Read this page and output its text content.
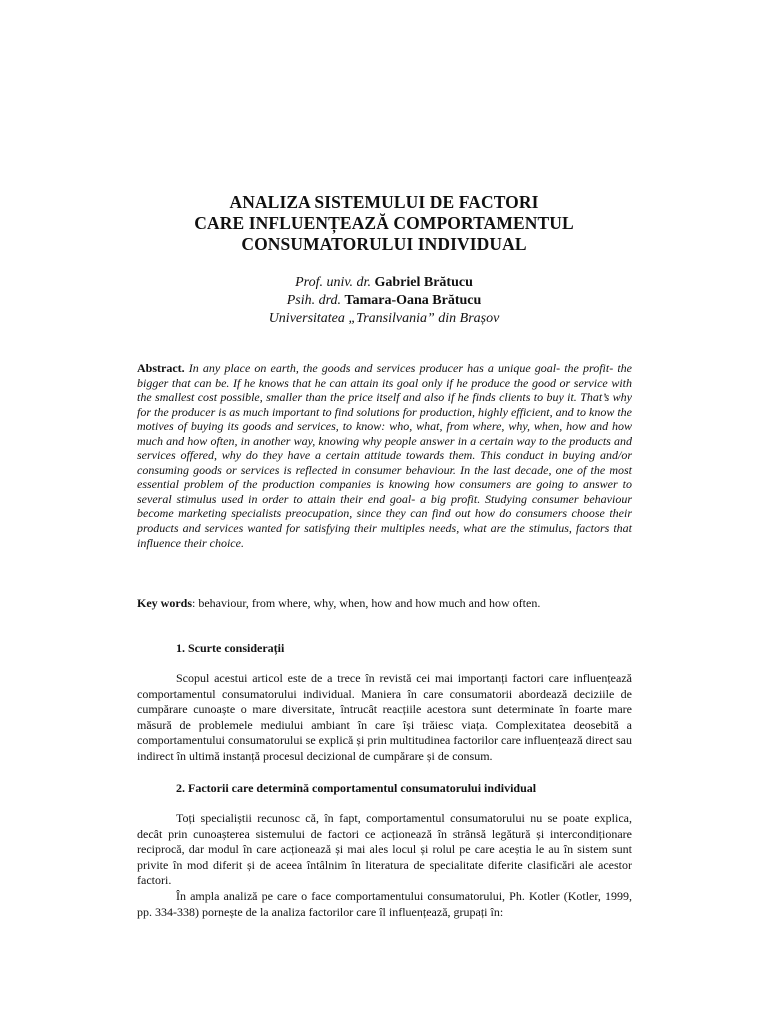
ANALIZA SISTEMULUI DE FACTORI
CARE INFLUENȚEAZĂ COMPORTAMENTUL
CONSUMATORULUI INDIVIDUAL
Prof. univ. dr. Gabriel Brătucu
Psih. drd. Tamara-Oana Brătucu
Universitatea „Transilvania” din Brașov

Abstract. In any place on earth, the goods and services producer has a unique goal- the profit- the bigger that can be. If he knows that he can attain its goal only if he produce the good or service with the smallest cost possible, smaller than the price itself and also if he finds clients to buy it. That’s why for the producer is as much important to find solutions for production, highly efficient, and to know the motives of buying its goods and services, to know: who, what, from where, why, when, how and how much and how often, in another way, knowing why people answer in a certain way to the products and services offered, why do they have a certain attitude towards them. This conduct in buying and/or consuming goods or services is reflected in consumer behaviour. In the last decade, one of the most essential problem of the production companies is knowing how consumers are going to answer to several stimulus used in order to attain their end goal- a big profit. Studying consumer behaviour become marketing specialists preocupation, since they can find out how do consumers choose their products and services wanted for satisfying their multiples needs, what are the stimulus, factors that influence their choice.

Key words: behaviour, from where, why, when, how and how much and how often.

1. Scurte considerații

Scopul acestui articol este de a trece în revistă cei mai importanți factori care influențează comportamentul consumatorului individual. Maniera în care consumatorii abordează deciziile de cumpărare cunoaște o mare diversitate, întrucât reacțiile acestora sunt determinate în foarte mare măsură de problemele mediului ambiant în care își trăiesc viața. Complexitatea deosebită a comportamentului consumatorului se explică și prin multitudinea factorilor care influențează direct sau indirect în ultimă instanță procesul decizional de cumpărare și de consum.

2. Factorii care determină comportamentul consumatorului individual

Toți specialiștii recunosc că, în fapt, comportamentul consumatorului nu se poate explica, decât prin cunoașterea sistemului de factori ce acționează în strânsă legătură și intercondiționare reciprocă, dar modul în care acționează și mai ales locul și rolul pe care aceștia le au în sistem sunt privite în mod diferit și de aceea întâlnim în literatura de specialitate diferite clasificări ale acestor factori.

În ampla analiză pe care o face comportamentului consumatorului, Ph. Kotler (Kotler, 1999, pp. 334-338) pornește de la analiza factorilor care îl influențează, grupați în:
